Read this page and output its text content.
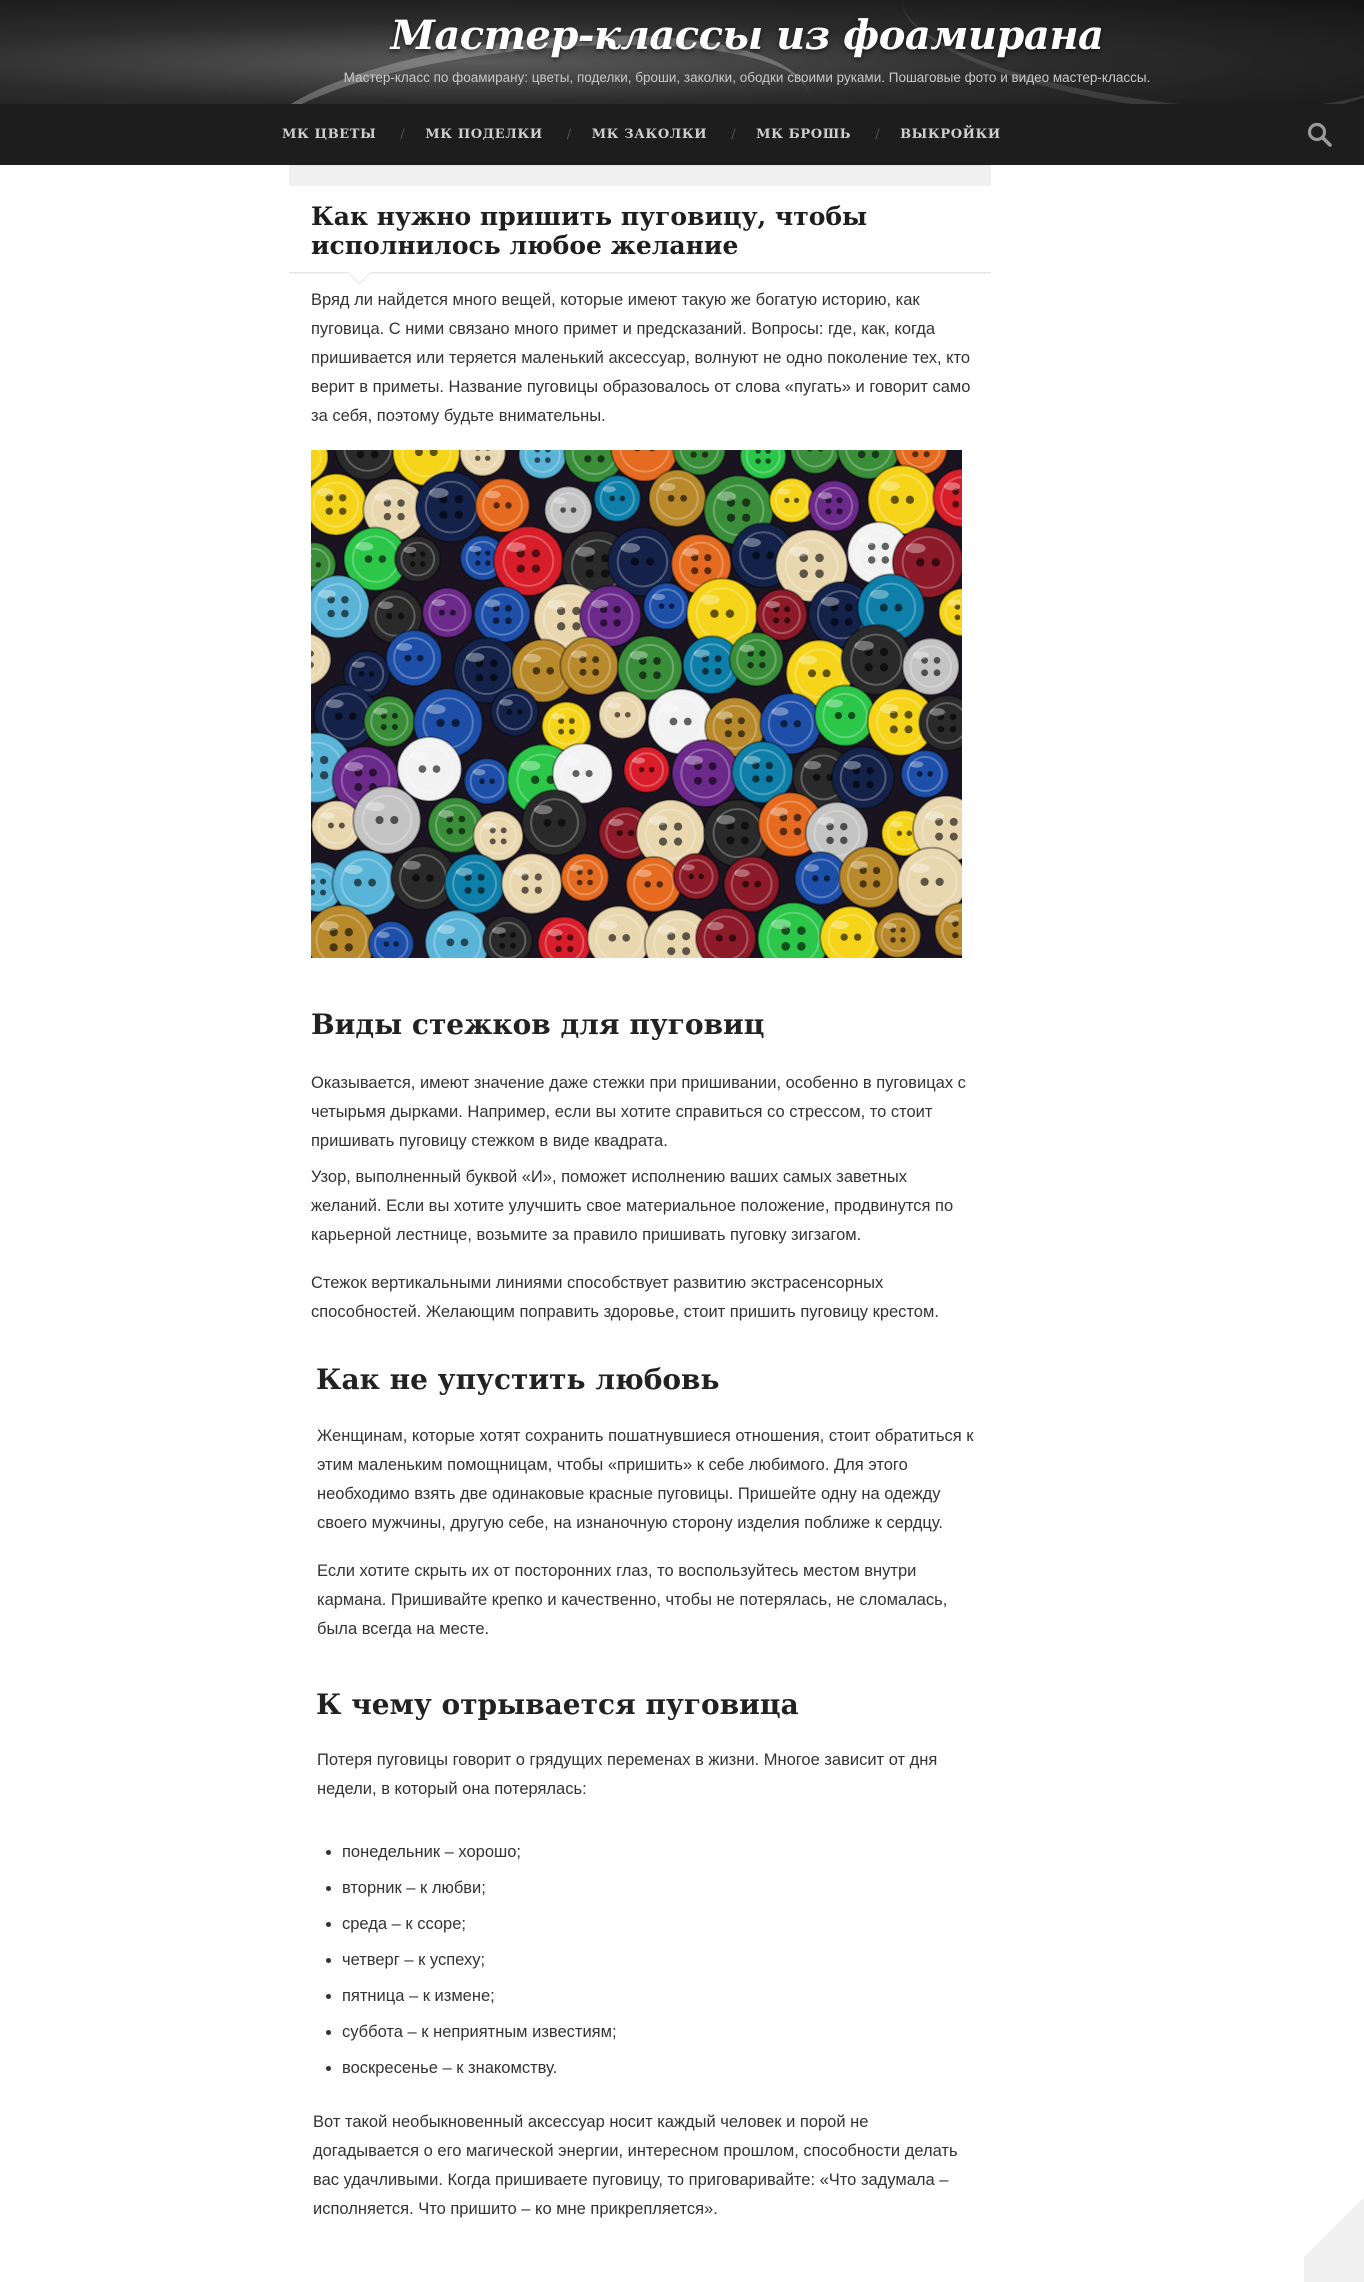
Мастер-классы из фоамирана
Мастер-класс по фоамирану: цветы, поделки, броши, заколки, ободки своими руками. Пошаговые фото и видео мастер-классы.
МК ЦВЕТЫ / МК ПОДЕЛКИ / МК ЗАКОЛКИ / МК БРОШЬ / ВЫКРОЙКИ
Как нужно пришить пуговицу, чтобы исполнилось любое желание

Вряд ли найдется много вещей, которые имеют такую же богатую историю, как пуговица. С ними связано много примет и предсказаний. Вопросы: где, как, когда пришивается или теряется маленький аксессуар, волнуют не одно поколение тех, кто верит в приметы. Название пуговицы образовалось от слова «пугать» и говорит само за себя, поэтому будьте внимательны.

Виды стежков для пуговиц

Оказывается, имеют значение даже стежки при пришивании, особенно в пуговицах с четырьмя дырками. Например, если вы хотите справиться со стрессом, то стоит пришивать пуговицу стежком в виде квадрата.

Узор, выполненный буквой «И», поможет исполнению ваших самых заветных желаний. Если вы хотите улучшить свое материальное положение, продвинутся по карьерной лестнице, возьмите за правило пришивать пуговку зигзагом.

Стежок вертикальными линиями способствует развитию экстрасенсорных способностей. Желающим поправить здоровье, стоит пришить пуговицу крестом.

Как не упустить любовь

Женщинам, которые хотят сохранить пошатнувшиеся отношения, стоит обратиться к этим маленьким помощницам, чтобы «пришить» к себе любимого. Для этого необходимо взять две одинаковые красные пуговицы. Пришейте одну на одежду своего мужчины, другую себе, на изнаночную сторону изделия поближе к сердцу.

Если хотите скрыть их от посторонних глаз, то воспользуйтесь местом внутри кармана. Пришивайте крепко и качественно, чтобы не потерялась, не сломалась, была всегда на месте.

К чему отрывается пуговица

Потеря пуговицы говорит о грядущих переменах в жизни. Многое зависит от дня недели, в который она потерялась:

• понедельник – хорошо;
• вторник – к любви;
• среда – к ссоре;
• четверг – к успеху;
• пятница – к измене;
• суббота – к неприятным известиям;
• воскресенье – к знакомству.

Вот такой необыкновенный аксессуар носит каждый человек и порой не догадывается о его магической энергии, интересном прошлом, способности делать вас удачливыми. Когда пришиваете пуговицу, то приговаривайте: «Что задумала – исполняется. Что пришито – ко мне прикрепляется».
